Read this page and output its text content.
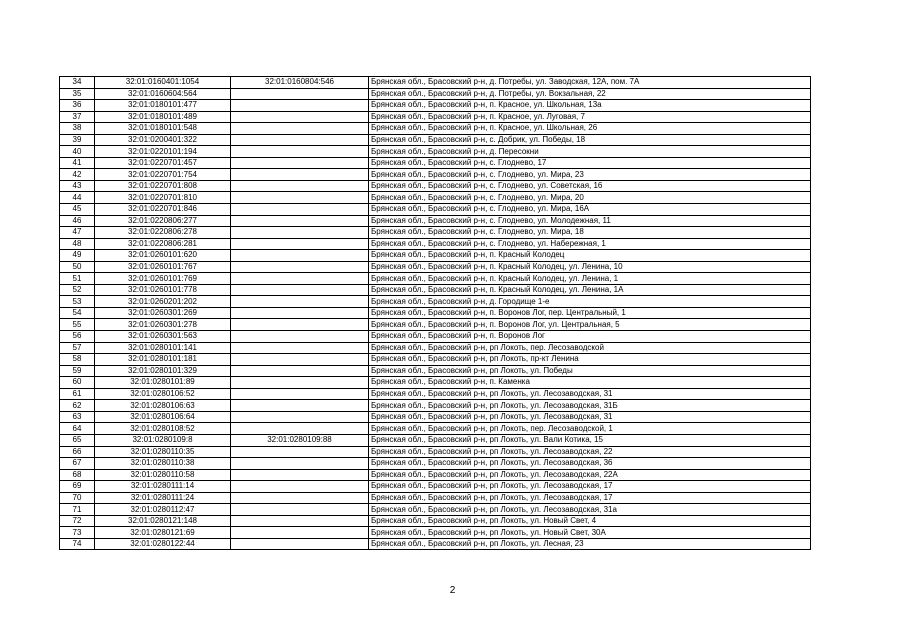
34	32:01:0160401:1054	32:01:0160804:546	Брянская обл., Брасовский р-н, д. Потребы, ул. Заводская, 12А, пом. 7А
35	32:01:0160604:564		Брянская обл., Брасовский р-н, д. Потребы, ул. Вокзальная, 22
36	32:01:0180101:477		Брянская обл., Брасовский р-н, п. Красное, ул. Школьная, 13а
37	32:01:0180101:489		Брянская обл., Брасовский р-н, п. Красное, ул. Луговая, 7
38	32:01:0180101:548		Брянская обл., Брасовский р-н, п. Красное, ул. Школьная, 26
39	32:01:0200401:322		Брянская обл., Брасовский р-н, с. Добрик, ул. Победы, 18
40	32:01:0220101:194		Брянская обл., Брасовский р-н, д. Пересокни
41	32:01:0220701:457		Брянская обл., Брасовский р-н, с. Глоднево, 17
42	32:01:0220701:754		Брянская обл., Брасовский р-н, с. Глоднево, ул. Мира, 23
43	32:01:0220701:808		Брянская обл., Брасовский р-н, с. Глоднево, ул. Советская, 16
44	32:01:0220701:810		Брянская обл., Брасовский р-н, с. Глоднево, ул. Мира, 20
45	32:01:0220701:846		Брянская обл., Брасовский р-н, с. Глоднево, ул. Мира, 16А
46	32:01:0220806:277		Брянская обл., Брасовский р-н, с. Глоднево, ул. Молодежная, 11
47	32:01:0220806:278		Брянская обл., Брасовский р-н, с. Глоднево, ул. Мира, 18
48	32:01:0220806:281		Брянская обл., Брасовский р-н, с. Глоднево, ул. Набережная, 1
49	32:01:0260101:620		Брянская обл., Брасовский р-н, п. Красный Колодец
50	32:01:0260101:767		Брянская обл., Брасовский р-н, п. Красный Колодец, ул. Ленина, 10
51	32:01:0260101:769		Брянская обл., Брасовский р-н, п. Красный Колодец, ул. Ленина, 1
52	32:01:0260101:778		Брянская обл., Брасовский р-н, п. Красный Колодец, ул. Ленина, 1А
53	32:01:0260201:202		Брянская обл., Брасовский р-н, д. Городище 1-е
54	32:01:0260301:269		Брянская обл., Брасовский р-н, п. Воронов Лог, пер. Центральный, 1
55	32:01:0260301:278		Брянская обл., Брасовский р-н, п. Воронов Лог, ул. Центральная, 5
56	32:01:0260301:563		Брянская обл., Брасовский р-н, п. Воронов Лог
57	32:01:0280101:141		Брянская обл., Брасовский р-н, рп Локоть, пер. Лесозаводской
58	32:01:0280101:181		Брянская обл., Брасовский р-н, рп Локоть, пр-кт Ленина
59	32:01:0280101:329		Брянская обл., Брасовский р-н, рп Локоть, ул. Победы
60	32:01:0280101:89		Брянская обл., Брасовский р-н, п. Каменка
61	32:01:0280106:52		Брянская обл., Брасовский р-н, рп Локоть, ул. Лесозаводская, 31
62	32:01:0280106:63		Брянская обл., Брасовский р-н, рп Локоть, ул. Лесозаводская, 31Б
63	32:01:0280106:64		Брянская обл., Брасовский р-н, рп Локоть, ул. Лесозаводская, 31
64	32:01:0280108:52		Брянская обл., Брасовский р-н, рп Локоть, пер. Лесозаводской, 1
65	32:01:0280109:8	32:01:0280109:88	Брянская обл., Брасовский р-н, рп Локоть, ул. Вали Котика, 15
66	32:01:0280110:35		Брянская обл., Брасовский р-н, рп Локоть, ул. Лесозаводская, 22
67	32:01:0280110:38		Брянская обл., Брасовский р-н, рп Локоть, ул. Лесозаводская, 36
68	32:01:0280110:58		Брянская обл., Брасовский р-н, рп Локоть, ул. Лесозаводская, 22А
69	32:01:0280111:14		Брянская обл., Брасовский р-н, рп Локоть, ул. Лесозаводская, 17
70	32:01:0280111:24		Брянская обл., Брасовский р-н, рп Локоть, ул. Лесозаводская, 17
71	32:01:0280112:47		Брянская обл., Брасовский р-н, рп Локоть, ул. Лесозаводская, 31а
72	32:01:0280121:148		Брянская обл., Брасовский р-н, рп Локоть, ул. Новый Свет, 4
73	32:01:0280121:69		Брянская обл., Брасовский р-н, рп Локоть, ул. Новый Свет, 30А
74	32:01:0280122:44		Брянская обл., Брасовский р-н, рп Локоть, ул. Лесная, 23
2
